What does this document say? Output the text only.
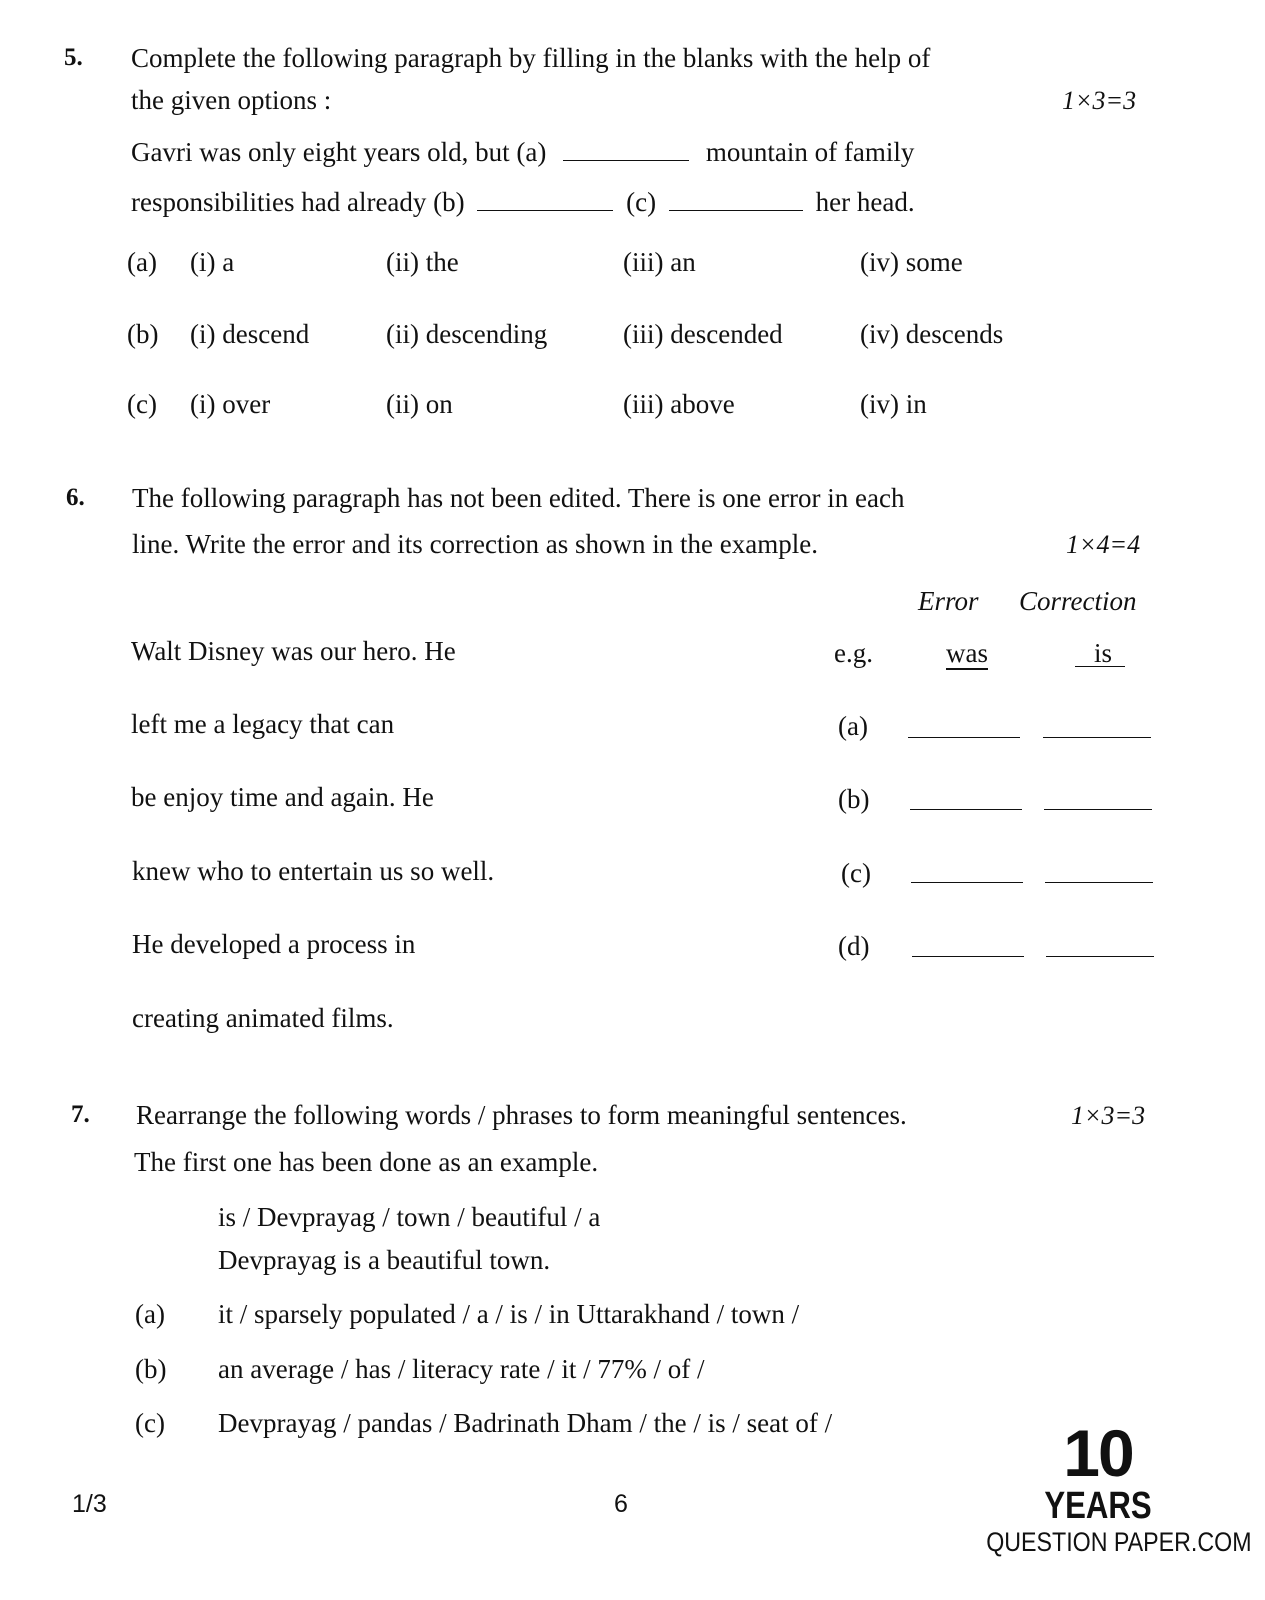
5. Complete the following paragraph by filling in the blanks with the help of
the given options :	1×3=3
Gavri was only eight years old, but (a)	mountain of family
responsibilities had already (b)	(c)	her head.
(a) (i) a	(ii) the	(iii) an	(iv) some
(b) (i) descend	(ii) descending	(iii) descended	(iv) descends
(c) (i) over	(ii) on	(iii) above	(iv) in
6. The following paragraph has not been edited. There is one error in each
line. Write the error and its correction as shown in the example.	1×4=4
Error Correction
Walt Disney was our hero. He	e.g.	was	is
left me a legacy that can	(a)
be enjoy time and again. He	(b)
knew who to entertain us so well.	(c)
He developed a process in	(d)
creating animated films.
7. Rearrange the following words / phrases to form meaningful sentences.	1×3=3
The first one has been done as an example.
is / Devprayag / town / beautiful / a
Devprayag is a beautiful town.
(a) it / sparsely populated / a / is / in Uttarakhand / town /
(b) an average / has / literacy rate / it / 77% / of /
(c) Devprayag / pandas / Badrinath Dham / the / is / seat of /
1/3	6
10
YEARS
QUESTION PAPER.COM
